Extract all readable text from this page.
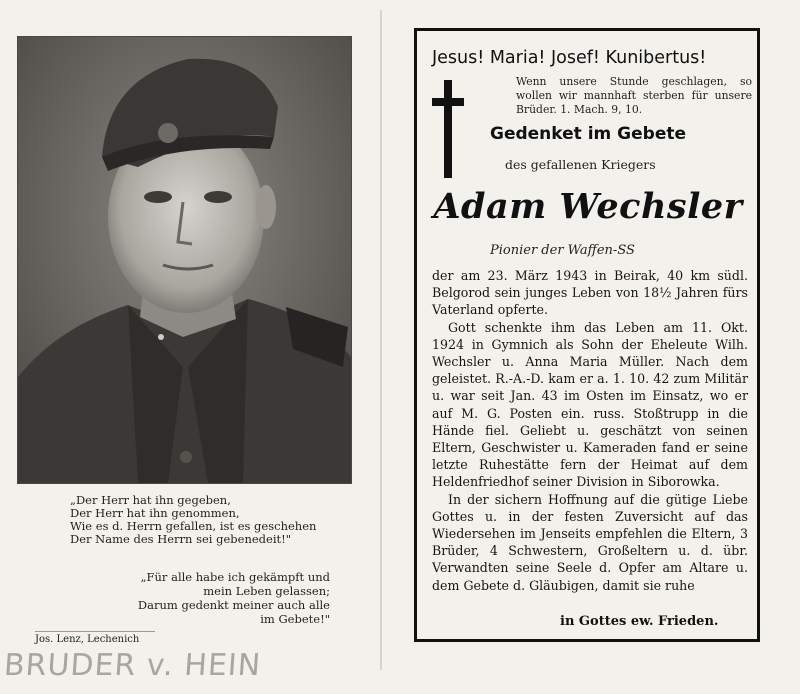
„Der Herr hat ihn gegeben,
Der Herr hat ihn genommen,
Wie es d. Herrn gefallen, ist es geschehen
Der Name des Herrn sei gebenedeit!"
„Für alle habe ich gekämpft und
mein Leben gelassen;
Darum gedenkt meiner auch alle
im Gebete!"
Jos. Lenz, Lechenich
BRUDER v. HEIN
Jesus! Maria! Josef! Kunibertus!
Wenn unsere Stunde geschlagen, so wollen wir mannhaft sterben für unsere Brüder. 1. Mach. 9, 10.
Gedenket im Gebete
des gefallenen Kriegers
Adam Wechsler
Pionier der Waffen-SS

der am 23. März 1943 in Beirak, 40 km südl. Belgorod sein junges Leben von 18½ Jahren fürs Vaterland opferte.

Gott schenkte ihm das Leben am 11. Okt. 1924 in Gymnich als Sohn der Eheleute Wilh. Wechsler u. Anna Maria Müller. Nach dem geleistet. R.-A.-D. kam er a. 1. 10. 42 zum Militär u. war seit Jan. 43 im Osten im Einsatz, wo er auf M. G. Posten ein. russ. Stoßtrupp in die Hände fiel. Geliebt u. geschätzt von seinen Eltern, Geschwister u. Kameraden fand er seine letzte Ruhestätte fern der Heimat auf dem Heldenfriedhof seiner Division in Siborowka.

In der sichern Hoffnung auf die gütige Liebe Gottes u. in der festen Zuversicht auf das Wiedersehen im Jenseits empfehlen die Eltern, 3 Brüder, 4 Schwestern, Großeltern u. d. übr. Verwandten seine Seele d. Opfer am Altare u. dem Gebete d. Gläubigen, damit sie ruhe

in Gottes ew. Frieden.
